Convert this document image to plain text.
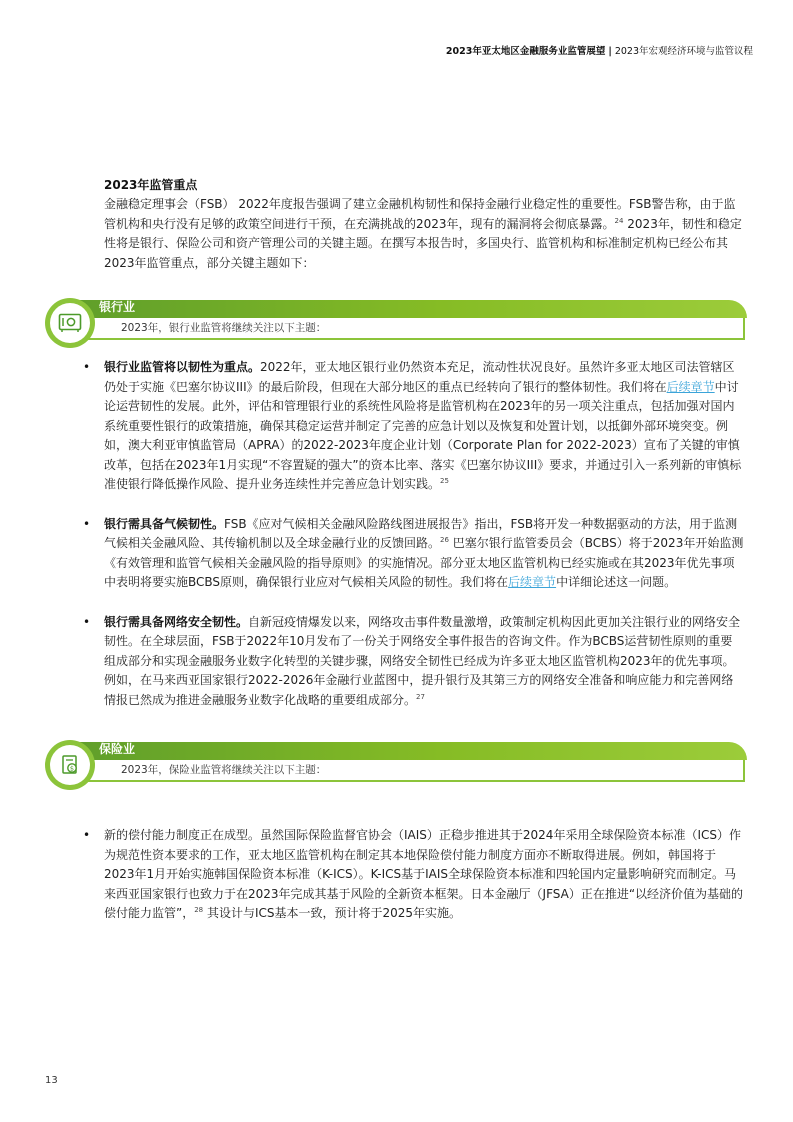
2023年亚太地区金融服务业监管展望 | 2023年宏观经济环境与监管议程
2023年监管重点

金融稳定理事会（FSB） 2022年度报告强调了建立金融机构韧性和保持金融行业稳定性的重要性。FSB警告称，由于监管机构和央行没有足够的政策空间进行干预，在充满挑战的2023年，现有的漏洞将会彻底暴露。$^{24}$ 2023年，韧性和稳定性将是银行、保险公司和资产管理公司的关键主题。在撰写本报告时，多国央行、监管机构和标准制定机构已经公布其2023年监管重点，部分关键主题如下：

银行业
2023年，银行业监管将继续关注以下主题：
• 银行业监管将以韧性为重点。2022年，亚太地区银行业仍然资本充足，流动性状况良好。虽然许多亚太地区司法管辖区仍处于实施《巴塞尔协议III》的最后阶段，但现在大部分地区的重点已经转向了银行的整体韧性。我们将在后续章节中讨论运营韧性的发展。此外，评估和管理银行业的系统性风险将是监管机构在2023年的另一项关注重点，包括加强对国内系统重要性银行的政策措施，确保其稳定运营并制定了完善的应急计划以及恢复和处置计划，以抵御外部环境突变。例如，澳大利亚审慎监管局（APRA）的2022-2023年度企业计划（Corporate Plan for 2022-2023）宣布了关键的审慎改革，包括在2023年1月实现“不容置疑的强大”的资本比率、落实《巴塞尔协议III》要求，并通过引入一系列新的审慎标准使银行降低操作风险、提升业务连续性并完善应急计划实践。$^{25}$
• 银行需具备气候韧性。FSB《应对气候相关金融风险路线图进展报告》指出，FSB将开发一种数据驱动的方法，用于监测气候相关金融风险、其传输机制以及全球金融行业的反馈回路。$^{26}$ 巴塞尔银行监管委员会（BCBS）将于2023年开始监测《有效管理和监管气候相关金融风险的指导原则》的实施情况。部分亚太地区监管机构已经实施或在其2023年优先事项中表明将要实施BCBS原则，确保银行业应对气候相关风险的韧性。我们将在后续章节中详细论述这一问题。
• 银行需具备网络安全韧性。自新冠疫情爆发以来，网络攻击事件数量激增，政策制定机构因此更加关注银行业的网络安全韧性。在全球层面，FSB于2022年10月发布了一份关于网络安全事件报告的咨询文件。作为BCBS运营韧性原则的重要组成部分和实现金融服务业数字化转型的关键步骤，网络安全韧性已经成为许多亚太地区监管机构2023年的优先事项。例如，在马来西亚国家银行2022-2026年金融行业蓝图中，提升银行及其第三方的网络安全准备和响应能力和完善网络情报已然成为推进金融服务业数字化战略的重要组成部分。$^{27}$
保险业
2023年，保险业监管将继续关注以下主题：
$
• 新的偿付能力制度正在成型。虽然国际保险监督官协会（IAIS）正稳步推进其于2024年采用全球保险资本标准（ICS）作为规范性资本要求的工作，亚太地区监管机构在制定其本地保险偿付能力制度方面亦不断取得进展。例如，韩国将于2023年1月开始实施韩国保险资本标准（K-ICS）。K-ICS基于IAIS全球保险资本标准和四轮国内定量影响研究而制定。马来西亚国家银行也致力于在2023年完成其基于风险的全新资本框架。日本金融厅（JFSA）正在推进“以经济价值为基础的偿付能力监管”，$^{28}$ 其设计与ICS基本一致，预计将于2025年实施。
13
